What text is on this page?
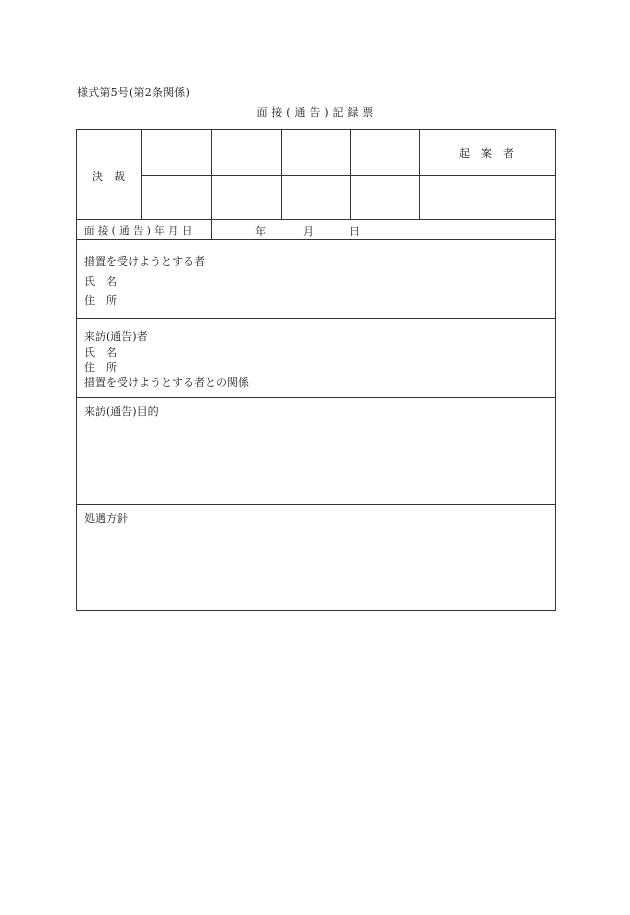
様式第5号(第2条関係)
面 接 ( 通 告 ) 記 録 票
決　裁
起　案　者
面 接 ( 通 告 ) 年 月 日	年	月	日
措置を受けようとする者
氏　名
住　所
来訪(通告)者
氏　名
住　所
措置を受けようとする者との関係
来訪(通告)目的
処遇方針
